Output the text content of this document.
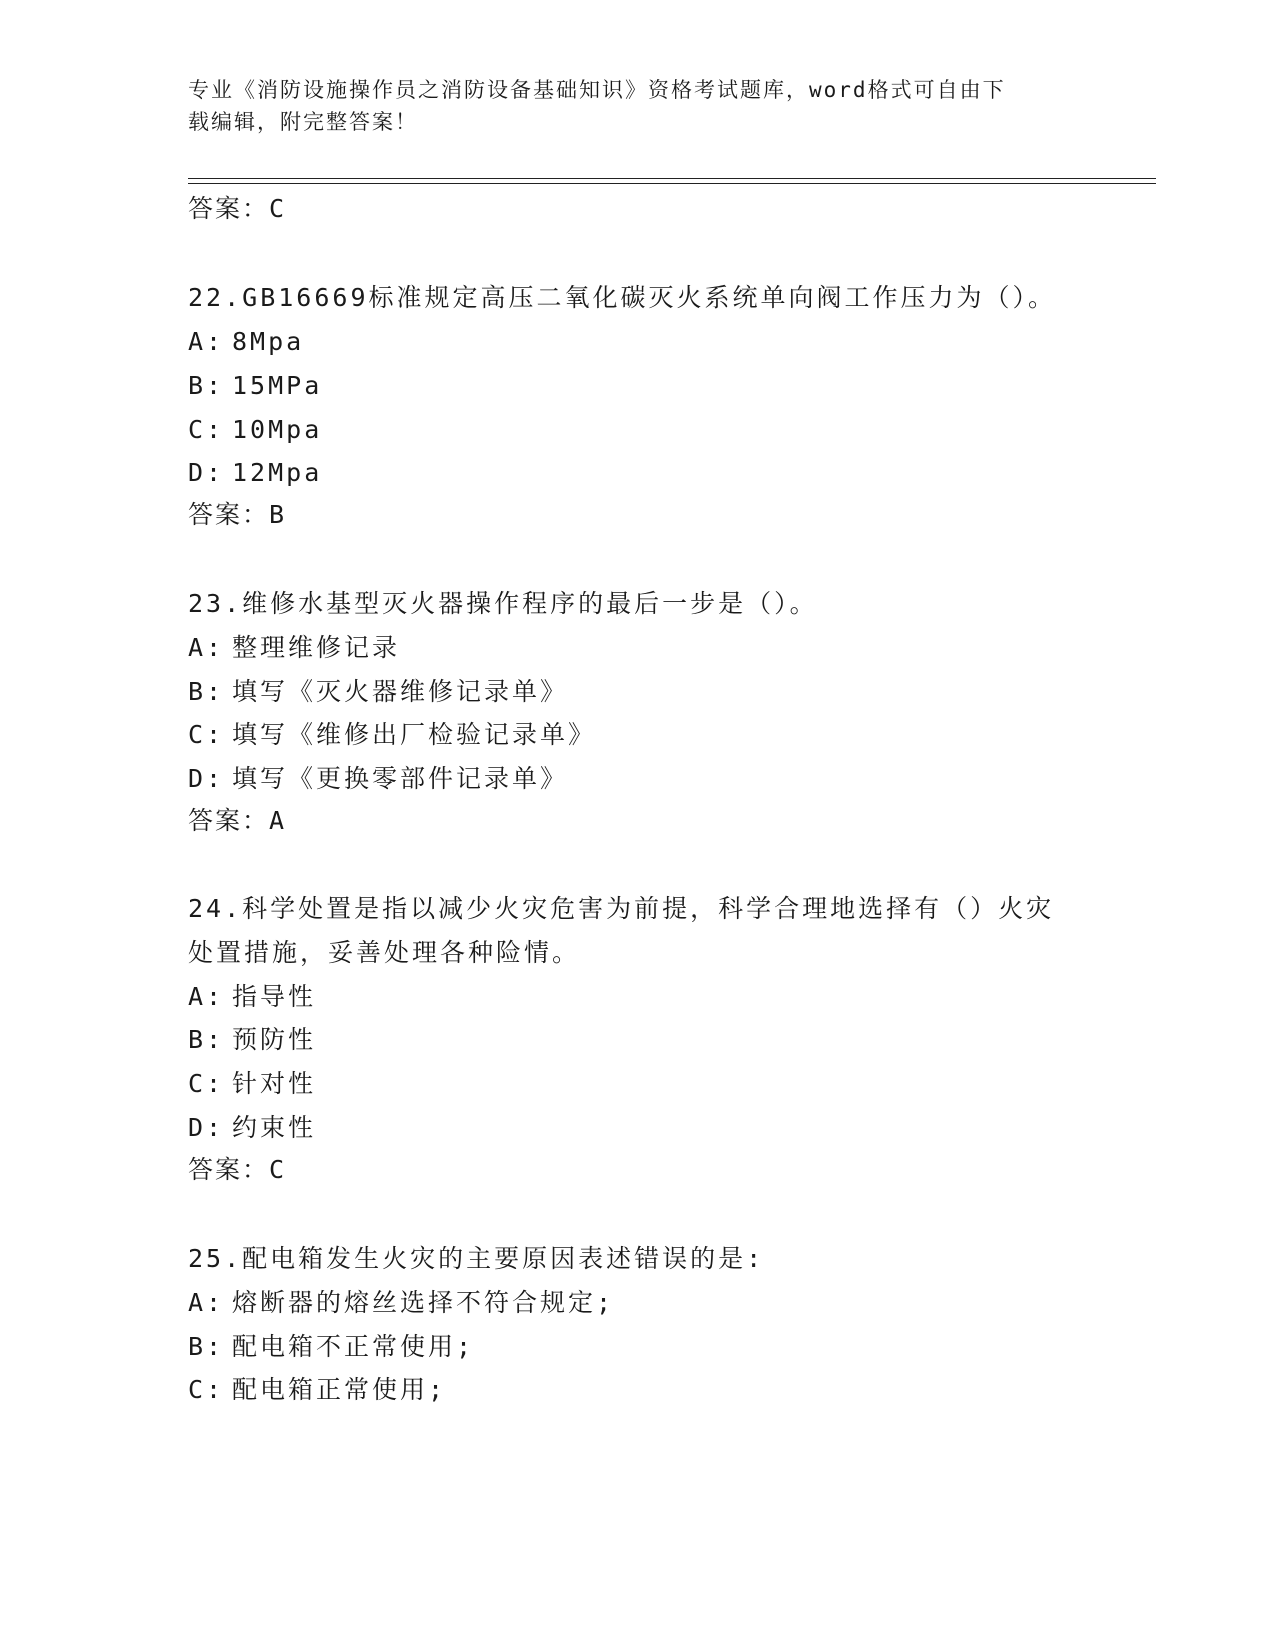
专业《消防设施操作员之消防设备基础知识》资格考试题库，word格式可自由下
载编辑，附完整答案！
答案：C
22.GB16669标准规定高压二氧化碳灭火系统单向阀工作压力为（）。
A: 8Mpa
B: 15MPa
C: 10Mpa
D: 12Mpa
答案：B
23.维修水基型灭火器操作程序的最后一步是（）。
A: 整理维修记录
B: 填写《灭火器维修记录单》
C: 填写《维修出厂检验记录单》
D: 填写《更换零部件记录单》
答案：A
24.科学处置是指以减少火灾危害为前提，科学合理地选择有（）火灾
处置措施，妥善处理各种险情。
A: 指导性
B: 预防性
C: 针对性
D: 约束性
答案：C
25.配电箱发生火灾的主要原因表述错误的是:
A: 熔断器的熔丝选择不符合规定;
B: 配电箱不正常使用;
C: 配电箱正常使用;
